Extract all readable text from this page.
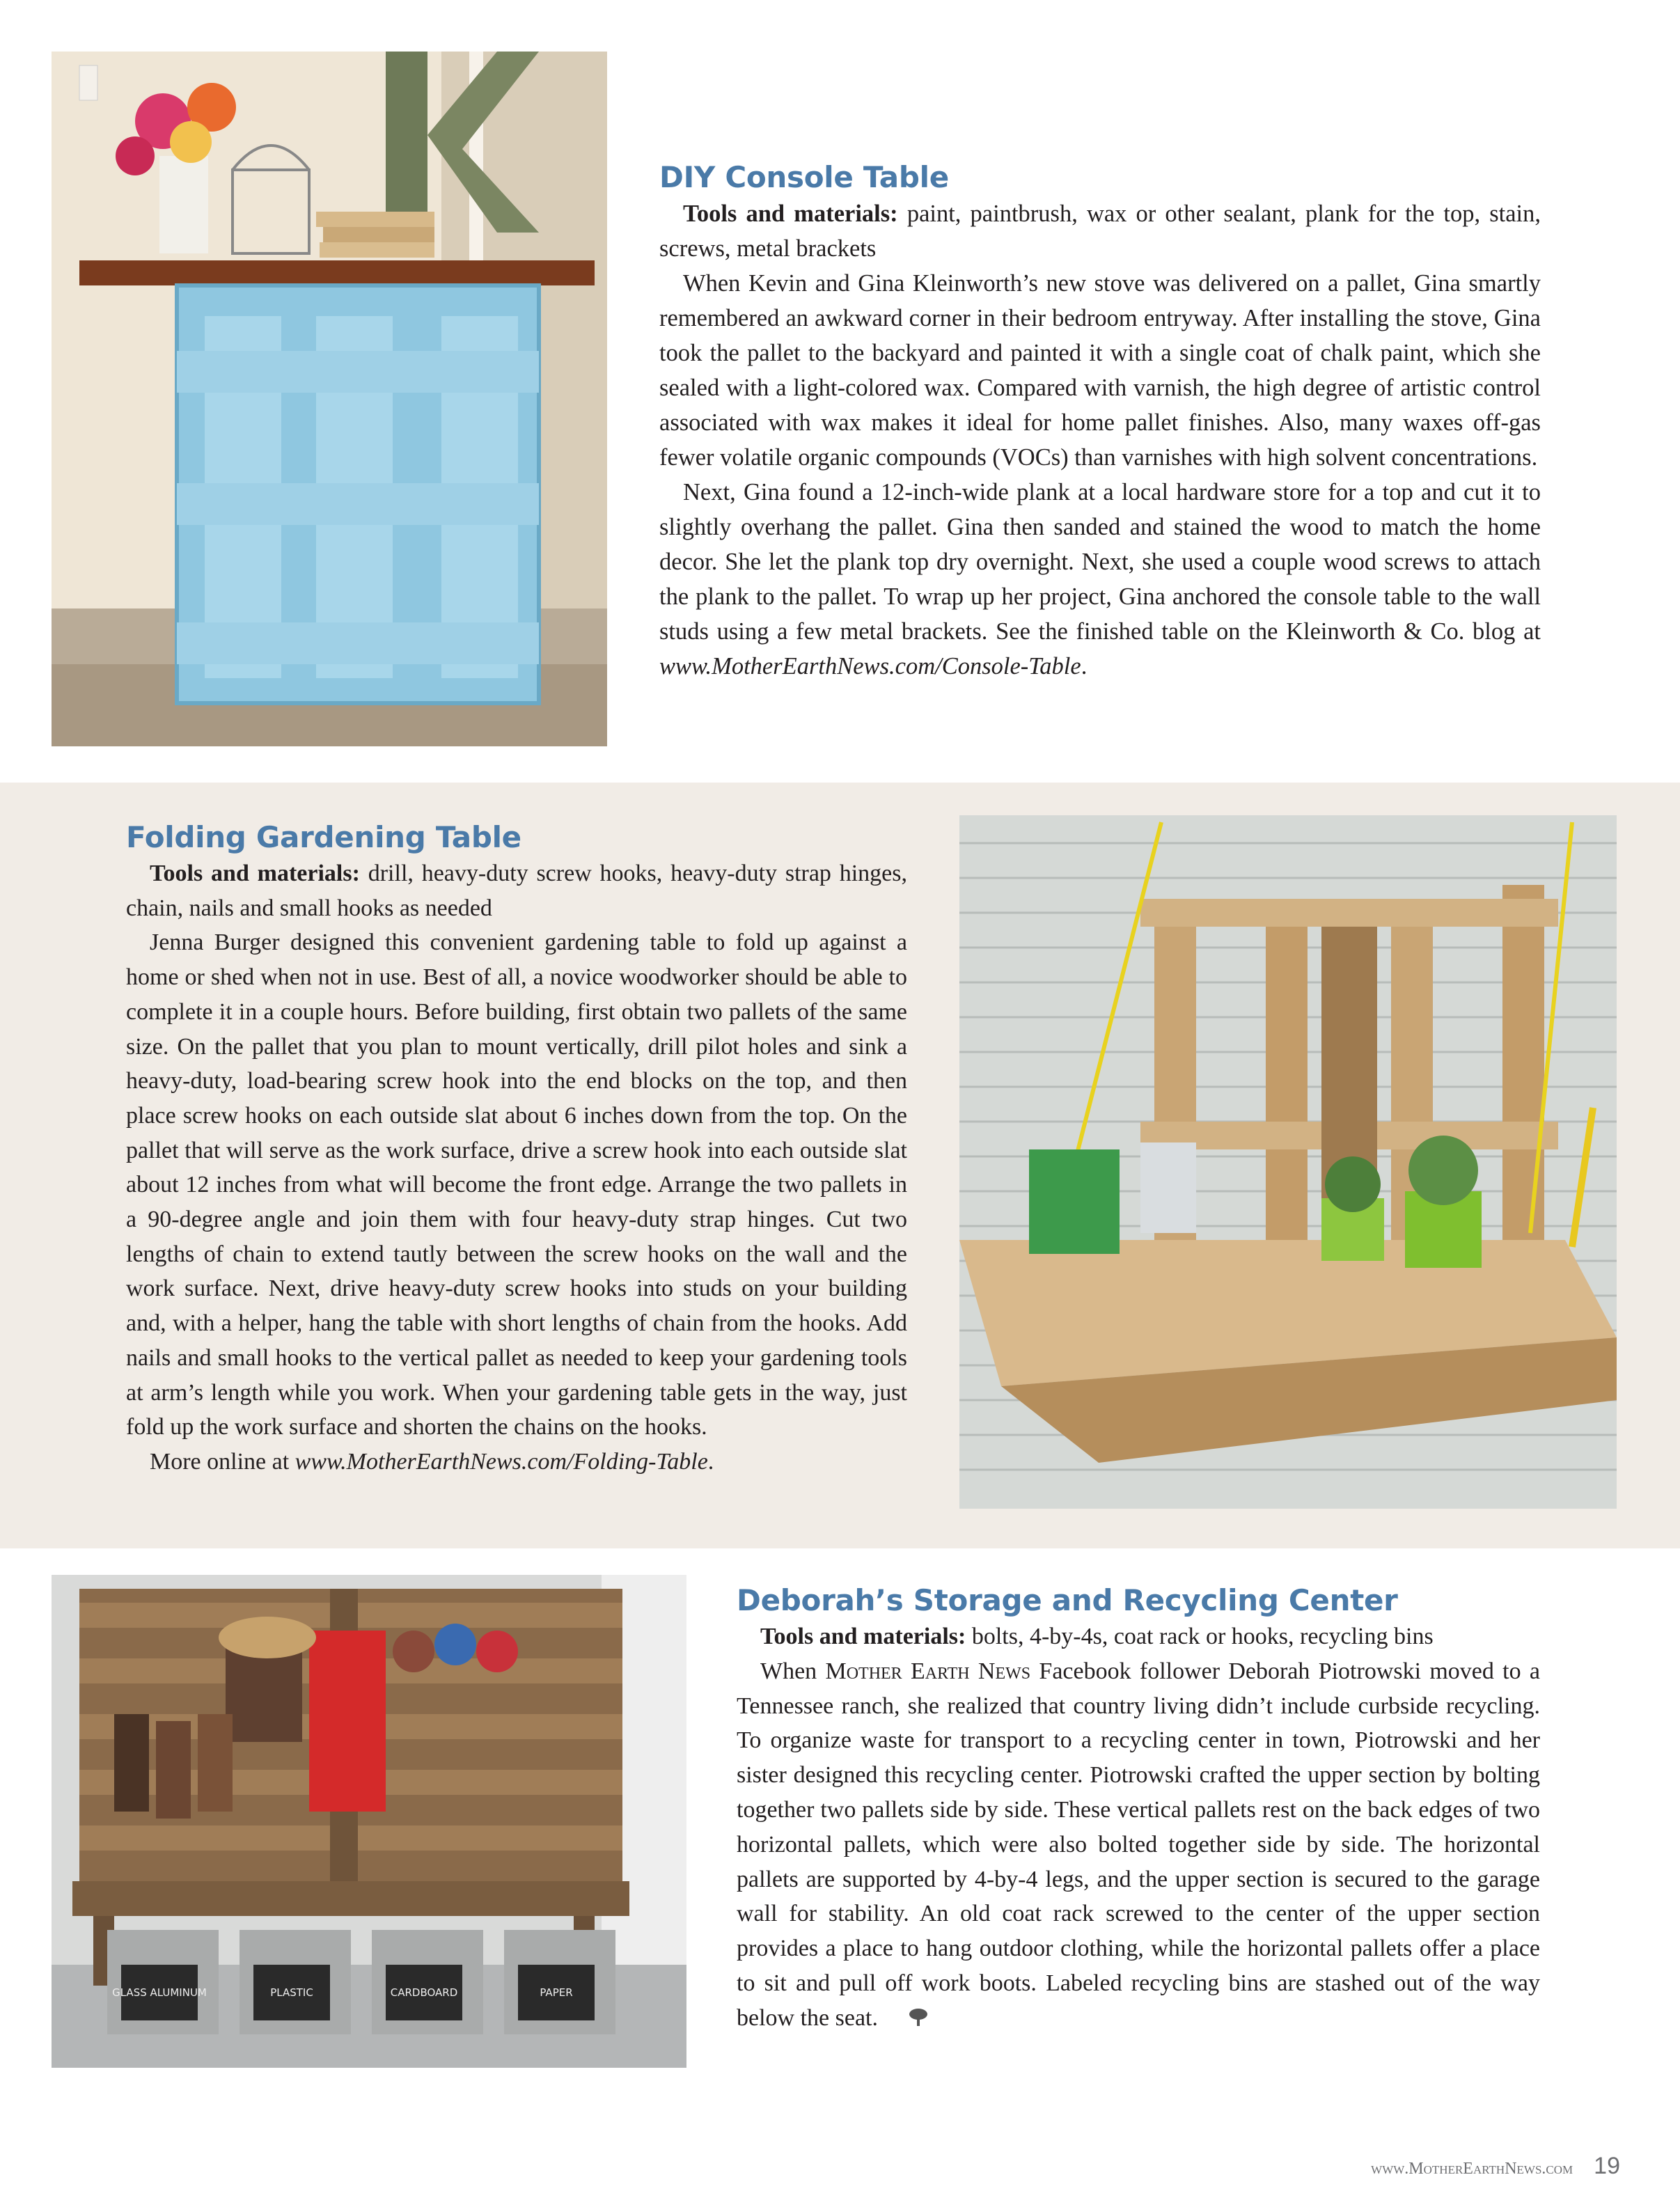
DIY Console Table

Tools and materials: paint, paintbrush, wax or other sealant, plank for the top, stain, screws, metal brackets

When Kevin and Gina Kleinworth’s new stove was delivered on a pallet, Gina smartly remembered an awkward corner in their bedroom entryway. After installing the stove, Gina took the pallet to the backyard and painted it with a single coat of chalk paint, which she sealed with a light-colored wax. Compared with varnish, the high degree of artistic control associated with wax makes it ideal for home pallet finishes. Also, many waxes off-gas fewer volatile organic compounds (VOCs) than varnishes with high solvent concentrations.

Next, Gina found a 12-inch-wide plank at a local hardware store for a top and cut it to slightly overhang the pallet. Gina then sanded and stained the wood to match the home decor. She let the plank top dry overnight. Next, she used a couple wood screws to attach the plank to the pallet. To wrap up her project, Gina anchored the console table to the wall studs using a few metal brackets. See the finished table on the Kleinworth & Co. blog at www.MotherEarthNews.com/Console-Table.

Folding Gardening Table

Tools and materials: drill, heavy-duty screw hooks, heavy-duty strap hinges, chain, nails and small hooks as needed

Jenna Burger designed this convenient gardening table to fold up against a home or shed when not in use. Best of all, a novice woodworker should be able to complete it in a couple hours. Before building, first obtain two pallets of the same size. On the pallet that you plan to mount vertically, drill pilot holes and sink a heavy-duty, load-bearing screw hook into the end blocks on the top, and then place screw hooks on each outside slat about 6 inches down from the top. On the pallet that will serve as the work surface, drive a screw hook into each outside slat about 12 inches from what will become the front edge. Arrange the two pallets in a 90-degree angle and join them with four heavy-duty strap hinges. Cut two lengths of chain to extend tautly between the screw hooks on the wall and the work surface. Next, drive heavy-duty screw hooks into studs on your building and, with a helper, hang the table with short lengths of chain from the hooks. Add nails and small hooks to the vertical pallet as needed to keep your gardening tools at arm’s length while you work. When your gardening table gets in the way, just fold up the work surface and shorten the chains on the hooks.

More online at www.MotherEarthNews.com/Folding-Table.

GLASS ALUMINUM	PLASTIC	CARDBOARD	PAPER
Deborah’s Storage and Recycling Center

Tools and materials: bolts, 4-by-4s, coat rack or hooks, recycling bins

When Mother Earth News Facebook follower Deborah Piotrowski moved to a Tennessee ranch, she realized that country living didn’t include curbside recycling. To organize waste for transport to a recycling center in town, Piotrowski and her sister designed this recycling center. Piotrowski crafted the upper section by bolting together two pallets side by side. These vertical pallets rest on the back edges of two horizontal pallets, which were also bolted together side by side. The horizontal pallets are supported by 4-by-4 legs, and the upper section is secured to the garage wall for stability. An old coat rack screwed to the center of the upper section provides a place to hang outdoor clothing, while the horizontal pallets offer a place to sit and pull off work boots. Labeled recycling bins are stashed out of the way below the seat.

www.MotherEarthNews.com 19
